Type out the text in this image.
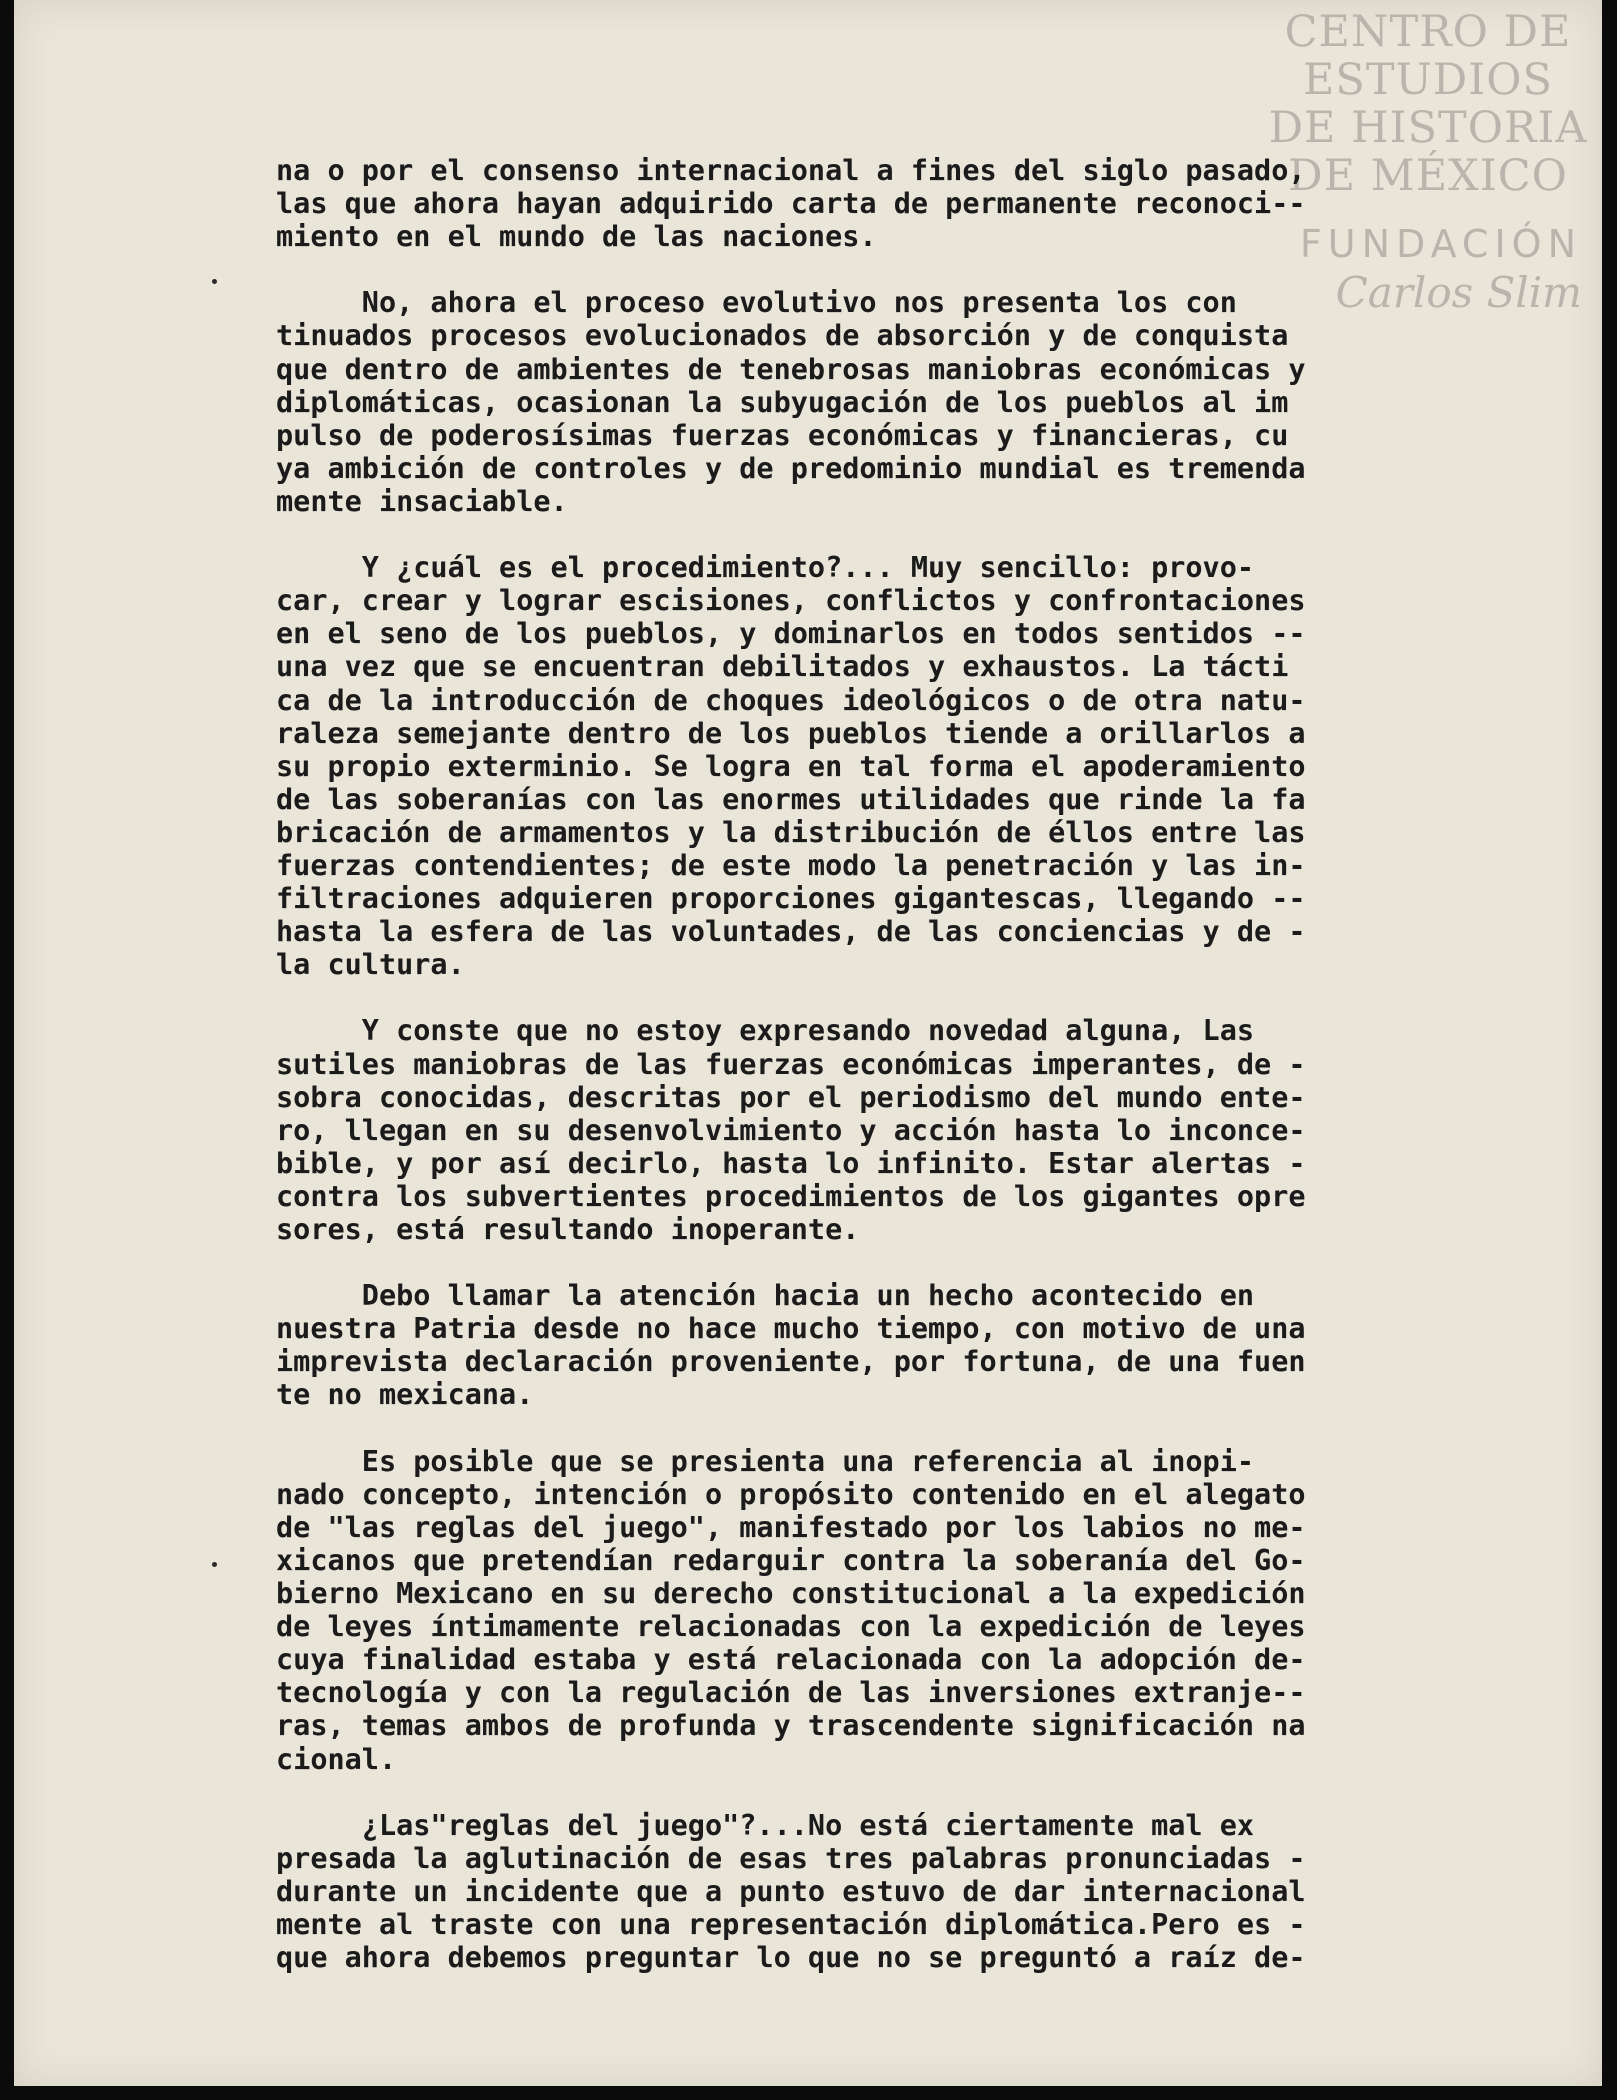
CENTRO DE
ESTUDIOS
DE HISTORIA
DE MÉXICO
FUNDACIÓN
Carlos Slim
na o por el consenso internacional a fines del siglo pasado,
las que ahora hayan adquirido carta de permanente reconoci--
miento en el mundo de las naciones.
No, ahora el proceso evolutivo nos presenta los con
tinuados procesos evolucionados de absorción y de conquista
que dentro de ambientes de tenebrosas maniobras económicas y
diplomáticas, ocasionan la subyugación de los pueblos al im
pulso de poderosísimas fuerzas económicas y financieras, cu
ya ambición de controles y de predominio mundial es tremenda
mente insaciable.
Y ¿cuál es el procedimiento?... Muy sencillo: provo-
car, crear y lograr escisiones, conflictos y confrontaciones
en el seno de los pueblos, y dominarlos en todos sentidos --
una vez que se encuentran debilitados y exhaustos. La tácti
ca de la introducción de choques ideológicos o de otra natu-
raleza semejante dentro de los pueblos tiende a orillarlos a
su propio exterminio. Se logra en tal forma el apoderamiento
de las soberanías con las enormes utilidades que rinde la fa
bricación de armamentos y la distribución de éllos entre las
fuerzas contendientes; de este modo la penetración y las in-
filtraciones adquieren proporciones gigantescas, llegando --
hasta la esfera de las voluntades, de las conciencias y de -
la cultura.
Y conste que no estoy expresando novedad alguna, Las
sutiles maniobras de las fuerzas económicas imperantes, de -
sobra conocidas, descritas por el periodismo del mundo ente-
ro, llegan en su desenvolvimiento y acción hasta lo inconce-
bible, y por así decirlo, hasta lo infinito. Estar alertas -
contra los subvertientes procedimientos de los gigantes opre
sores, está resultando inoperante.
Debo llamar la atención hacia un hecho acontecido en
nuestra Patria desde no hace mucho tiempo, con motivo de una
imprevista declaración proveniente, por fortuna, de una fuen
te no mexicana.
Es posible que se presienta una referencia al inopi-
nado concepto, intención o propósito contenido en el alegato
de "las reglas del juego", manifestado por los labios no me-
xicanos que pretendían redarguir contra la soberanía del Go-
bierno Mexicano en su derecho constitucional a la expedición
de leyes íntimamente relacionadas con la expedición de leyes
cuya finalidad estaba y está relacionada con la adopción de-
tecnología y con la regulación de las inversiones extranje--
ras, temas ambos de profunda y trascendente significación na
cional.
¿Las"reglas del juego"?...No está ciertamente mal ex
presada la aglutinación de esas tres palabras pronunciadas -
durante un incidente que a punto estuvo de dar internacional
mente al traste con una representación diplomática.Pero es -
que ahora debemos preguntar lo que no se preguntó a raíz de-
